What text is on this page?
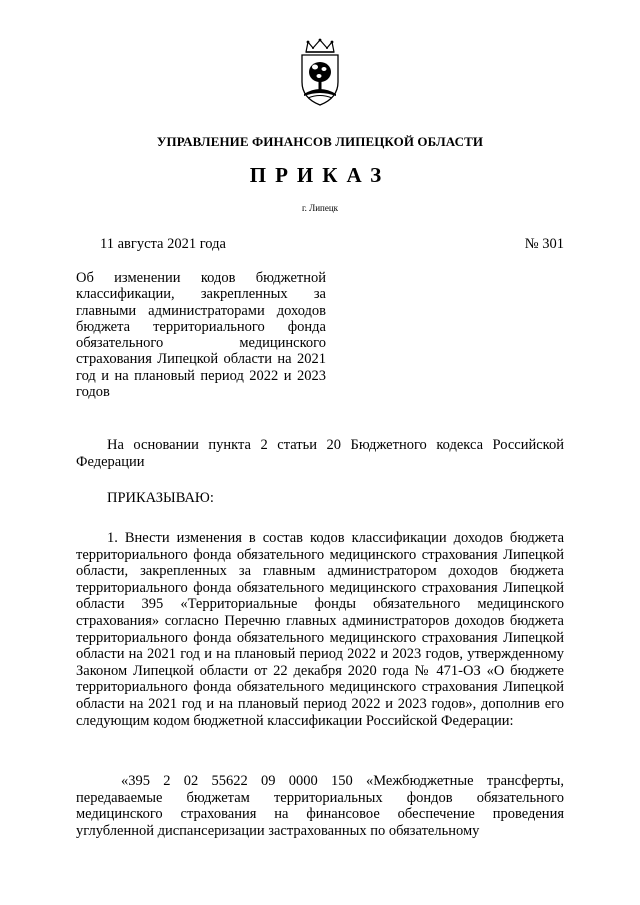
УПРАВЛЕНИЕ ФИНАНСОВ ЛИПЕЦКОЙ ОБЛАСТИ
ПРИКАЗ
г. Липецк
11 августа 2021 года	№ 301
Об изменении кодов бюджетной классификации, закрепленных за главными администраторами доходов бюджета территориального фонда обязательного медицинского страхования Липецкой области на 2021 год и на плановый период 2022 и 2023 годов
На основании пункта 2 статьи 20 Бюджетного кодекса Российской Федерации
ПРИКАЗЫВАЮ:
1. Внести изменения в состав кодов классификации доходов бюджета территориального фонда обязательного медицинского страхования Липецкой области, закрепленных за главным администратором доходов бюджета территориального фонда обязательного медицинского страхования Липецкой области 395 «Территориальные фонды обязательного медицинского страхования» согласно Перечню главных администраторов доходов бюджета территориального фонда обязательного медицинского страхования Липецкой области на 2021 год и на плановый период 2022 и 2023 годов, утвержденному Законом Липецкой области от 22 декабря 2020 года № 471-ОЗ «О бюджете территориального фонда обязательного медицинского страхования Липецкой области на 2021 год и на плановый период 2022 и 2023 годов», дополнив его следующим кодом бюджетной классификации Российской Федерации:
«395 2 02 55622 09 0000 150 «Межбюджетные трансферты, передаваемые бюджетам территориальных фондов обязательного медицинского страхования на финансовое обеспечение проведения углубленной диспансеризации застрахованных по обязательному
